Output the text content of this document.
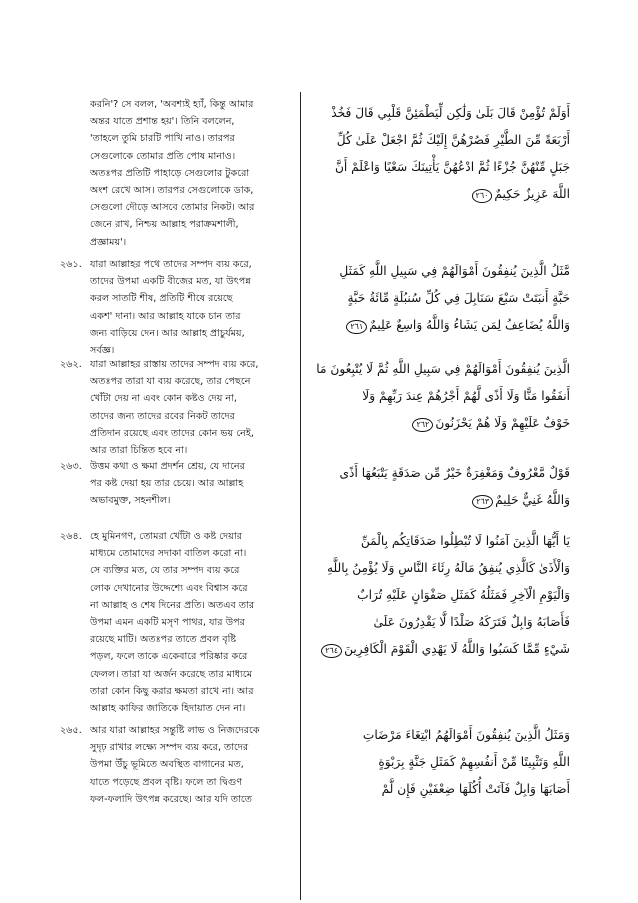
করনি'? সে বলল, 'অবশ্যই হ্যাঁ, কিন্তু আমার
অন্তর যাতে প্রশান্ত হয়'। তিনি বললেন,
'তাহলে তুমি চারটি পাখি নাও। তারপর
সেগুলোকে তোমার প্রতি পোষ মানাও।
অতঃপর প্রতিটি পাহাড়ে সেগুলোর টুকরো
অংশ রেখে আস। তারপর সেগুলোকে ডাক,
সেগুলো দৌড়ে আসবে তোমার নিকট। আর
জেনে রাখ, নিশ্চয় আল্লাহ পরাক্রমশালী,
প্রজ্ঞাময়'।
২৬১. যারা আল্লাহর পথে তাদের সম্পদ ব্যয় করে,
তাদের উপমা একটি বীজের মত, যা উৎপন্ন
করল সাতটি শীষ, প্রতিটি শীষে রয়েছে
একশ' দানা। আর আল্লাহ যাকে চান তার
জন্য বাড়িয়ে দেন। আর আল্লাহ প্রাচুর্যময়,
সর্বজ্ঞ।
২৬২. যারা আল্লাহর রাস্তায় তাদের সম্পদ ব্যয় করে,
অতঃপর তারা যা ব্যয় করেছে, তার পেছনে
খোঁটা দেয় না এবং কোন কষ্টও দেয় না,
তাদের জন্য তাদের রবের নিকট তাদের
প্রতিদান রয়েছে এবং তাদের কোন ভয় নেই,
আর তারা চিন্তিত হবে না।
২৬৩. উত্তম কথা ও ক্ষমা প্রদর্শন শ্রেয়, যে দানের
পর কষ্ট দেয়া হয় তার চেয়ে। আর আল্লাহ
অভাবমুক্ত, সহনশীল।
২৬৪. হে মুমিনগণ, তোমরা খোঁটা ও কষ্ট দেয়ার
মাধ্যমে তোমাদের সদাকা বাতিল করো না।
সে ব্যক্তির মত, যে তার সম্পদ ব্যয় করে
লোক দেখানোর উদ্দেশ্যে এবং বিশ্বাস করে
না আল্লাহ ও শেষ দিনের প্রতি। অতএব তার
উপমা এমন একটি মসৃণ পাথর, যার উপর
রয়েছে মাটি। অতঃপর তাতে প্রবল বৃষ্টি
পড়ল, ফলে তাকে একেবারে পরিষ্কার করে
ফেলল। তারা যা অর্জন করেছে তার মাধ্যমে
তারা কোন কিছু করার ক্ষমতা রাখে না। আর
আল্লাহ কাফির জাতিকে হিদায়াত দেন না।
২৬৫. আর যারা আল্লাহর সন্তুষ্টি লাভ ও নিজদেরকে
সুদৃঢ় রাখার লক্ষ্যে সম্পদ ব্যয় করে, তাদের
উপমা উঁচু ভূমিতে অবস্থিত বাগানের মত,
যাতে পড়েছে প্রবল বৃষ্টি। ফলে তা দ্বিগুণ
ফল-ফলাদি উৎপন্ন করেছে। আর যদি তাতে
أَوَلَمْ تُؤْمِنْ قَالَ بَلَىٰ وَلَٰكِن لِّيَطْمَئِنَّ قَلْبِي قَالَ فَخُذْ
أَرْبَعَةً مِّنَ الطَّيْرِ فَصُرْهُنَّ إِلَيْكَ ثُمَّ اجْعَلْ عَلَىٰ كُلِّ
جَبَلٍ مِّنْهُنَّ جُزْءًا ثُمَّ ادْعُهُنَّ يَأْتِينَكَ سَعْيًا وَاعْلَمْ أَنَّ
اللَّهَ عَزِيزٌ حَكِيمٌ٢٦٠
مَّثَلُ الَّذِينَ يُنفِقُونَ أَمْوَالَهُمْ فِي سَبِيلِ اللَّهِ كَمَثَلِ
حَبَّةٍ أَنبَتَتْ سَبْعَ سَنَابِلَ فِي كُلِّ سُنبُلَةٍ مِّائَةُ حَبَّةٍ
وَاللَّهُ يُضَاعِفُ لِمَن يَشَاءُ وَاللَّهُ وَاسِعٌ عَلِيمٌ٢٦١
الَّذِينَ يُنفِقُونَ أَمْوَالَهُمْ فِي سَبِيلِ اللَّهِ ثُمَّ لَا يُتْبِعُونَ مَا
أَنفَقُوا مَنًّا وَلَا أَذًى لَّهُمْ أَجْرُهُمْ عِندَ رَبِّهِمْ وَلَا
خَوْفٌ عَلَيْهِمْ وَلَا هُمْ يَحْزَنُونَ٢٦٢
قَوْلٌ مَّعْرُوفٌ وَمَغْفِرَةٌ خَيْرٌ مِّن صَدَقَةٍ يَتْبَعُهَا أَذًى
وَاللَّهُ غَنِيٌّ حَلِيمٌ٢٦٣
يَا أَيُّهَا الَّذِينَ آمَنُوا لَا تُبْطِلُوا صَدَقَاتِكُم بِالْمَنِّ
وَالْأَذَىٰ كَالَّذِي يُنفِقُ مَالَهُ رِئَاءَ النَّاسِ وَلَا يُؤْمِنُ بِاللَّهِ
وَالْيَوْمِ الْآخِرِ فَمَثَلُهُ كَمَثَلِ صَفْوَانٍ عَلَيْهِ تُرَابٌ
فَأَصَابَهُ وَابِلٌ فَتَرَكَهُ صَلْدًا لَّا يَقْدِرُونَ عَلَىٰ
شَيْءٍ مِّمَّا كَسَبُوا وَاللَّهُ لَا يَهْدِي الْقَوْمَ الْكَافِرِينَ٢٦٤
وَمَثَلُ الَّذِينَ يُنفِقُونَ أَمْوَالَهُمُ ابْتِغَاءَ مَرْضَاتِ
اللَّهِ وَتَثْبِيتًا مِّنْ أَنفُسِهِمْ كَمَثَلِ جَنَّةٍ بِرَبْوَةٍ
أَصَابَهَا وَابِلٌ فَآتَتْ أُكُلَهَا ضِعْفَيْنِ فَإِن لَّمْ
